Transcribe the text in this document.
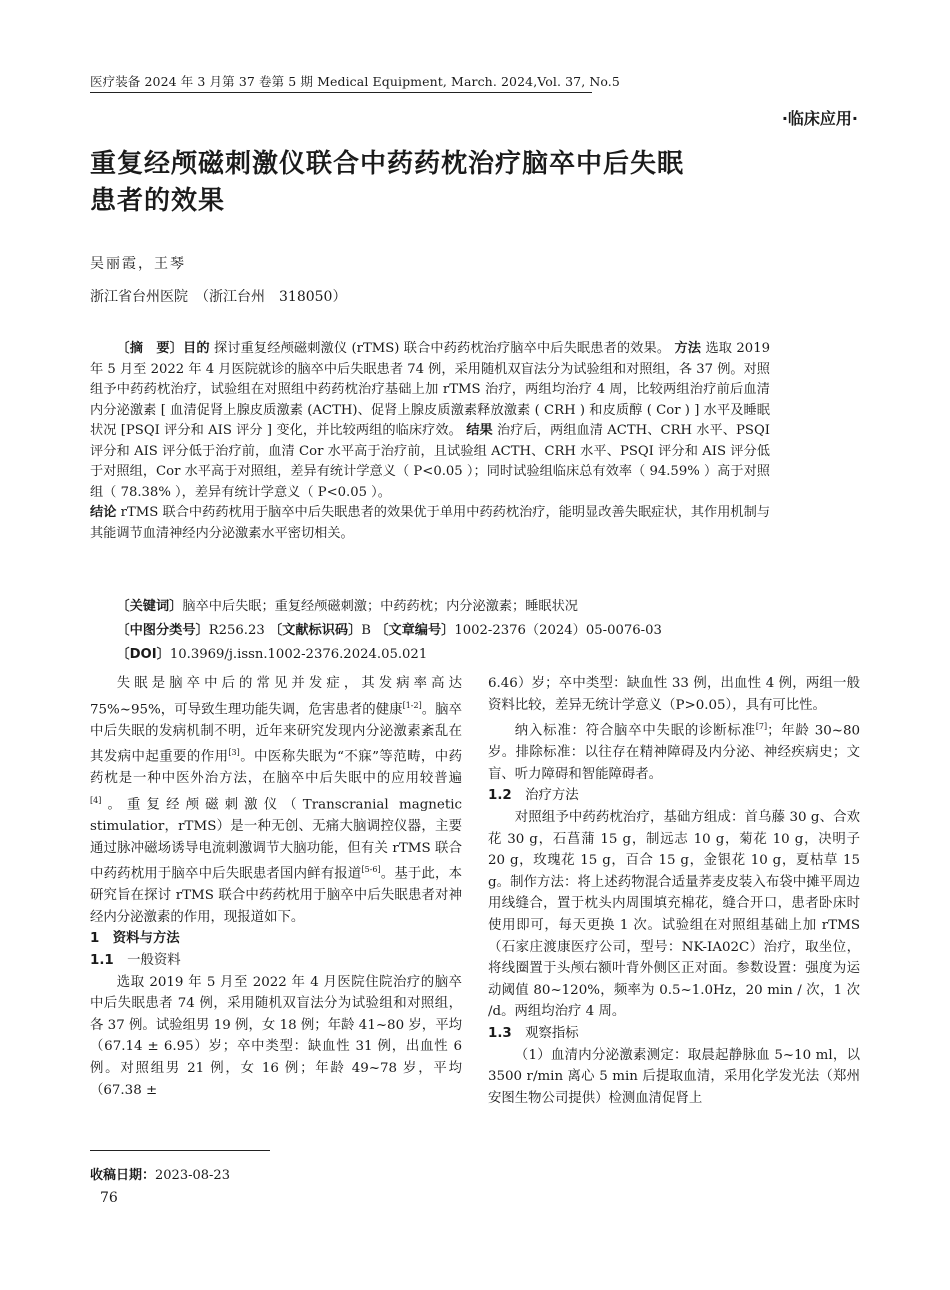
医疗装备 2024 年 3 月第 37 卷第 5 期 Medical Equipment, March. 2024,Vol. 37, No.5
·临床应用·
重复经颅磁刺激仪联合中药药枕治疗脑卒中后失眠
患者的效果
吴丽霞，王琴
浙江省台州医院　（浙江台州　318050）

〔摘　要〕目的 探讨重复经颅磁刺激仪 (rTMS) 联合中药药枕治疗脑卒中后失眠患者的效果。 方法 选取 2019 年 5 月至 2022 年 4 月医院就诊的脑卒中后失眠患者 74 例，采用随机双盲法分为试验组和对照组，各 37 例。对照组予中药药枕治疗，试验组在对照组中药药枕治疗基础上加 rTMS 治疗，两组均治疗 4 周，比较两组治疗前后血清内分泌激素 [ 血清促肾上腺皮质激素 (ACTH)、促肾上腺皮质激素释放激素 ( CRH ) 和皮质醇 ( Cor ) ] 水平及睡眠状况 [PSQI 评分和 AIS 评分 ] 变化，并比较两组的临床疗效。 结果 治疗后，两组血清 ACTH、CRH 水平、PSQI 评分和 AIS 评分低于治疗前，血清 Cor 水平高于治疗前，且试验组 ACTH、CRH 水平、PSQI 评分和 AIS 评分低于对照组，Cor 水平高于对照组，差异有统计学意义（ P<0.05 ）；同时试验组临床总有效率（ 94.59% ）高于对照组（ 78.38% ），差异有统计学意义（ P<0.05 ）。

结论 rTMS 联合中药药枕用于脑卒中后失眠患者的效果优于单用中药药枕治疗，能明显改善失眠症状，其作用机制与其能调节血清神经内分泌激素水平密切相关。

〔关键词〕脑卒中后失眠；重复经颅磁刺激；中药药枕；内分泌激素；睡眠状况
〔中图分类号〕R256.23 〔文献标识码〕B 〔文章编号〕1002-2376（2024）05-0076-03
〔DOI〕10.3969/j.issn.1002-2376.2024.05.021

失眠是脑卒中后的常见并发症，其发病率高达 75%~95%，可导致生理功能失调，危害患者的健康[1-2]。脑卒中后失眠的发病机制不明，近年来研究发现内分泌激素紊乱在其发病中起重要的作用[3]。中医称失眠为“不寐”等范畴，中药药枕是一种中医外治方法，在脑卒中后失眠中的应用较普遍[4]。重复经颅磁刺激仪（Transcranial magnetic stimulatior，rTMS）是一种无创、无痛大脑调控仪器，主要通过脉冲磁场诱导电流刺激调节大脑功能，但有关 rTMS 联合中药药枕用于脑卒中后失眠患者国内鲜有报道[5-6]。基于此，本研究旨在探讨 rTMS 联合中药药枕用于脑卒中后失眠患者对神经内分泌激素的作用，现报道如下。

1　资料与方法

1.1　一般资料

选取 2019 年 5 月至 2022 年 4 月医院住院治疗的脑卒中后失眠患者 74 例，采用随机双盲法分为试验组和对照组，各 37 例。试验组男 19 例，女 18 例；年龄 41~80 岁，平均（67.14 ± 6.95）岁；卒中类型：缺血性 31 例，出血性 6 例。对照组男 21 例，女 16 例；年龄 49~78 岁，平均（67.38 ±

6.46）岁；卒中类型：缺血性 33 例，出血性 4 例，两组一般资料比较，差异无统计学意义（P>0.05），具有可比性。

纳入标准：符合脑卒中失眠的诊断标准[7]；年龄 30~80 岁。排除标准：以往存在精神障碍及内分泌、神经疾病史；文盲、听力障碍和智能障碍者。

1.2　治疗方法

对照组予中药药枕治疗，基础方组成：首乌藤 30 g、合欢花 30 g，石菖蒲 15 g，制远志 10 g，菊花 10 g，决明子 20 g，玫瑰花 15 g，百合 15 g，金银花 10 g，夏枯草 15 g。制作方法：将上述药物混合适量荞麦皮装入布袋中摊平周边用线缝合，置于枕头内周围填充棉花，缝合开口，患者卧床时使用即可，每天更换 1 次。试验组在对照组基础上加 rTMS（石家庄渡康医疗公司，型号：NK-IA02C）治疗，取坐位，将线圈置于头颅右额叶背外侧区正对面。参数设置：强度为运动阈值 80~120%，频率为 0.5~1.0Hz，20 min / 次，1 次 /d。两组均治疗 4 周。

1.3　观察指标

（1）血清内分泌激素测定：取晨起静脉血 5~10 ml，以 3500 r/min 离心 5 min 后提取血清，采用化学发光法（郑州安图生物公司提供）检测血清促肾上

收稿日期：2023-08-23
76
